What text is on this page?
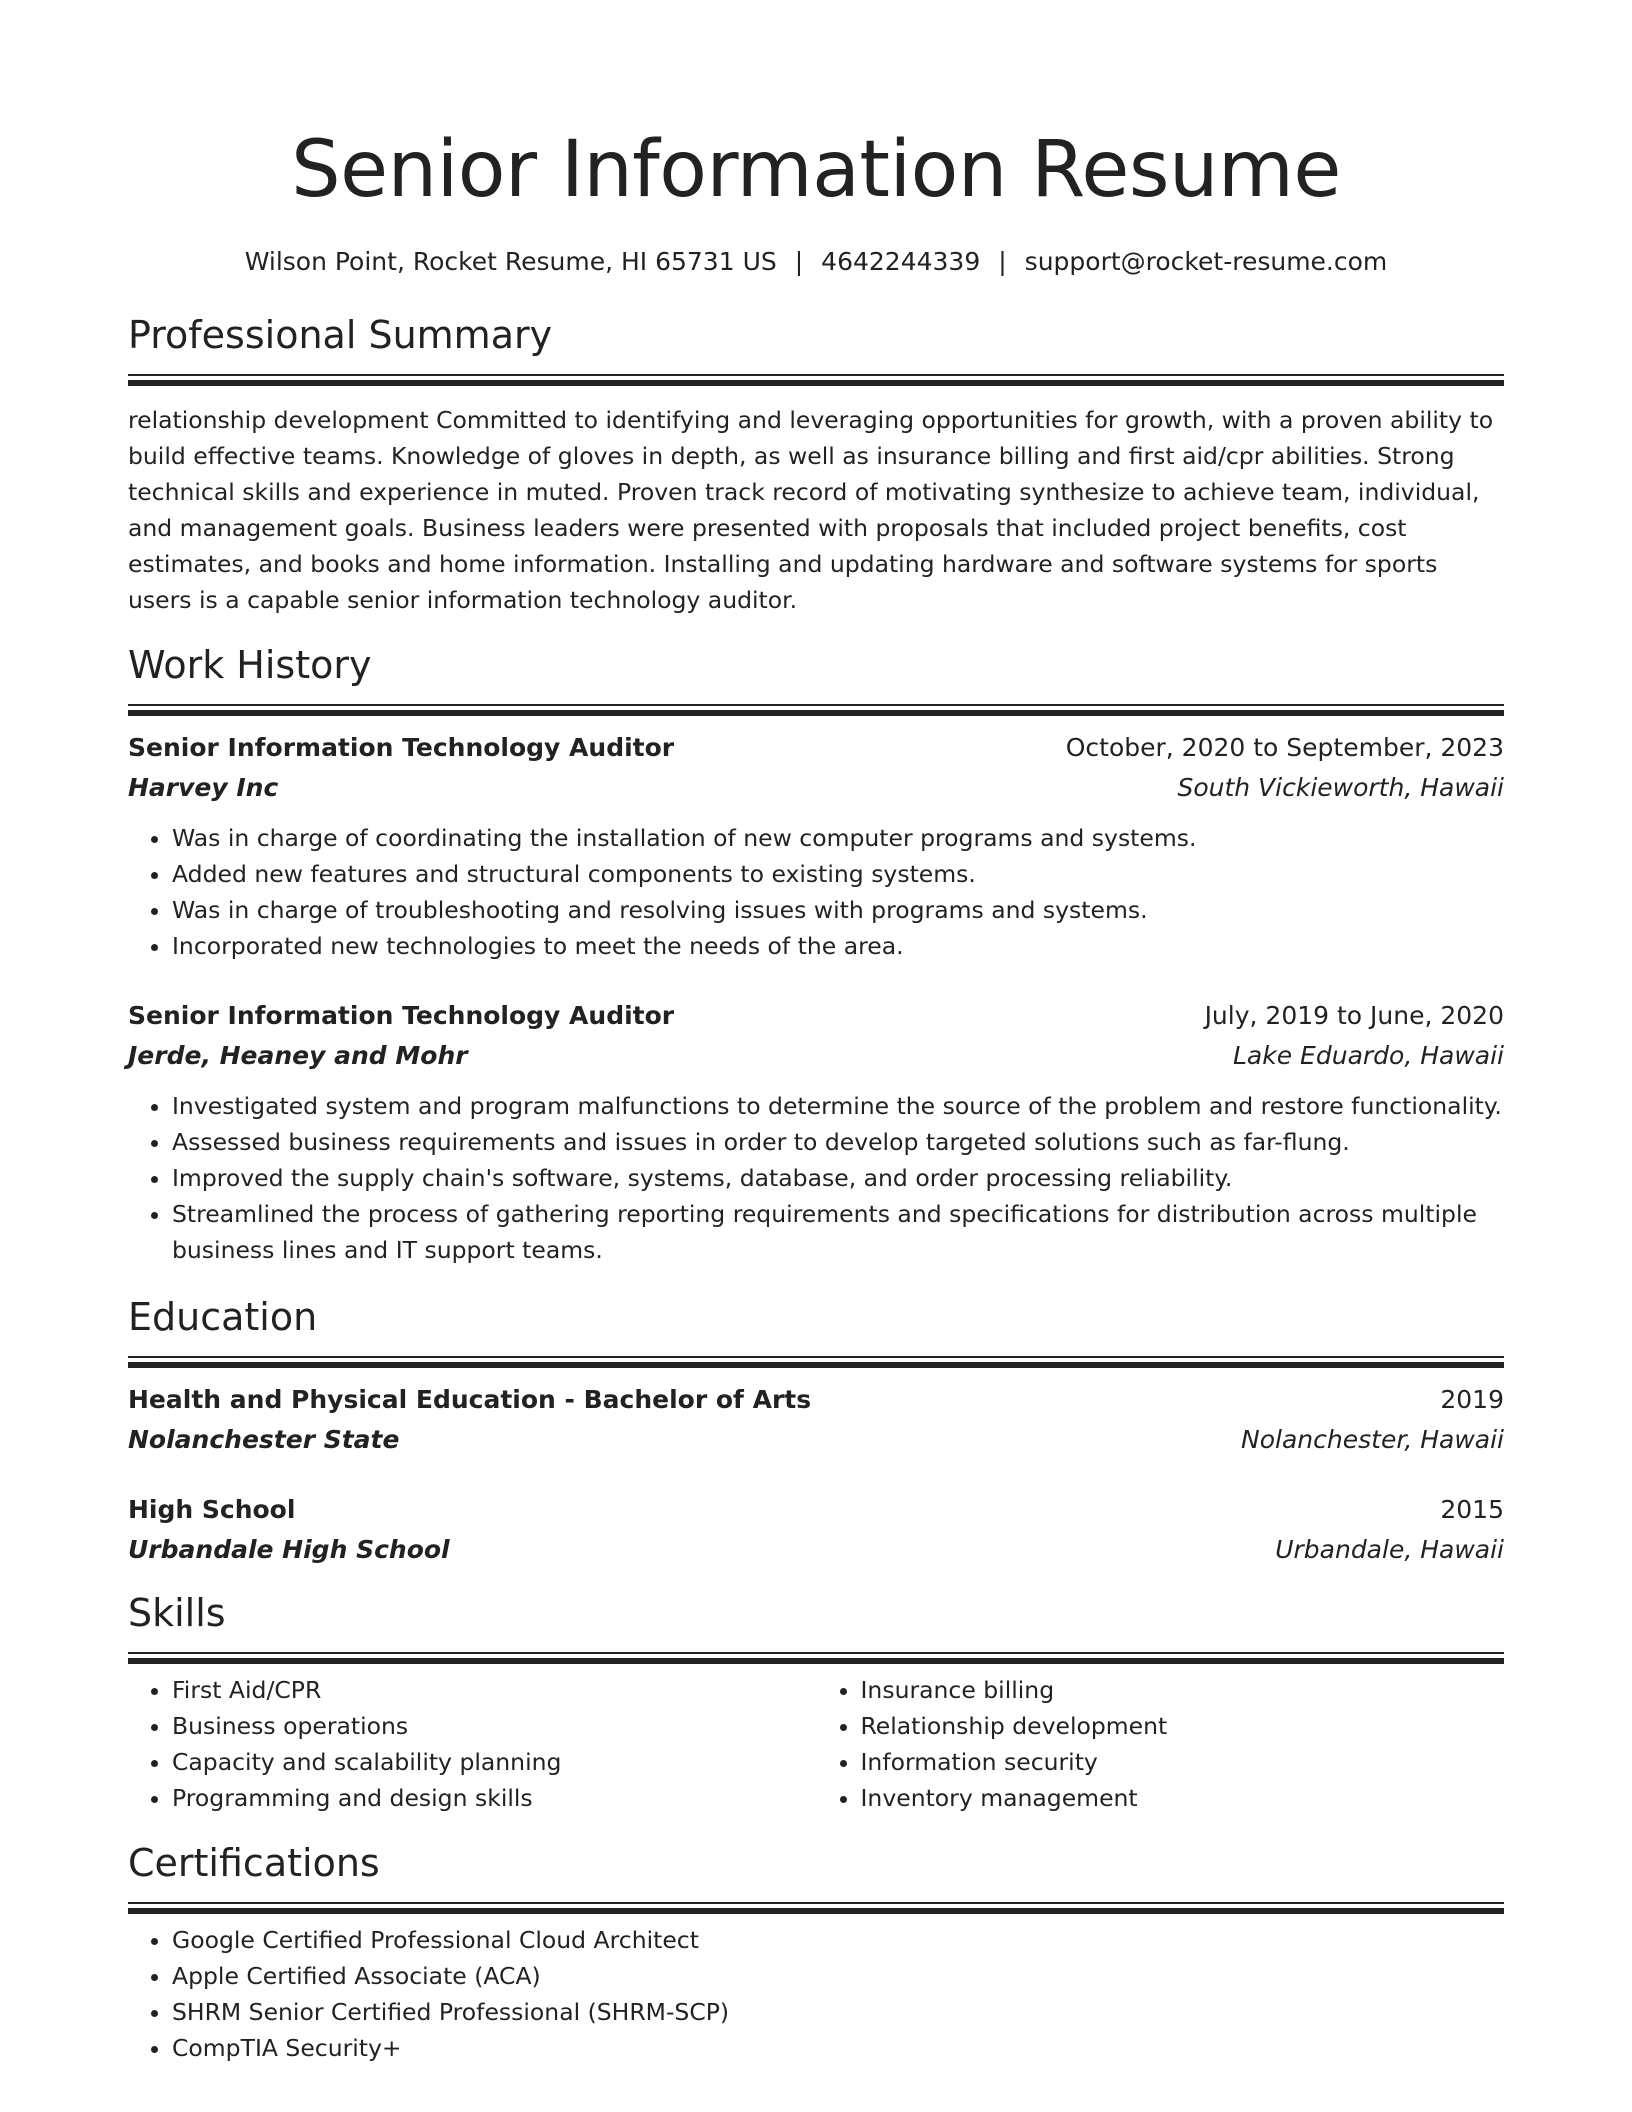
Senior Information Resume
Wilson Point, Rocket Resume, HI 65731 US | 4642244339 | support@rocket-resume.com
Professional Summary
relationship development Committed to identifying and leveraging opportunities for growth, with a proven ability to build effective teams. Knowledge of gloves in depth, as well as insurance billing and first aid/cpr abilities. Strong technical skills and experience in muted. Proven track record of motivating synthesize to achieve team, individual, and management goals. Business leaders were presented with proposals that included project benefits, cost estimates, and books and home information. Installing and updating hardware and software systems for sports users is a capable senior information technology auditor.
Work History
Senior Information Technology Auditor	October, 2020 to September, 2023
Harvey Inc	South Vickieworth, Hawaii
• Was in charge of coordinating the installation of new computer programs and systems.
• Added new features and structural components to existing systems.
• Was in charge of troubleshooting and resolving issues with programs and systems.
• Incorporated new technologies to meet the needs of the area.
Senior Information Technology Auditor	July, 2019 to June, 2020
Jerde, Heaney and Mohr	Lake Eduardo, Hawaii
• Investigated system and program malfunctions to determine the source of the problem and restore functionality.
• Assessed business requirements and issues in order to develop targeted solutions such as far-flung.
• Improved the supply chain's software, systems, database, and order processing reliability.
• Streamlined the process of gathering reporting requirements and specifications for distribution across multiple business lines and IT support teams.
Education
Health and Physical Education - Bachelor of Arts	2019
Nolanchester State	Nolanchester, Hawaii
High School	2015
Urbandale High School	Urbandale, Hawaii
Skills
• First Aid/CPR
• Business operations
• Capacity and scalability planning
• Programming and design skills
• Insurance billing
• Relationship development
• Information security
• Inventory management
Certifications
• Google Certified Professional Cloud Architect
• Apple Certified Associate (ACA)
• SHRM Senior Certified Professional (SHRM-SCP)
• CompTIA Security+
